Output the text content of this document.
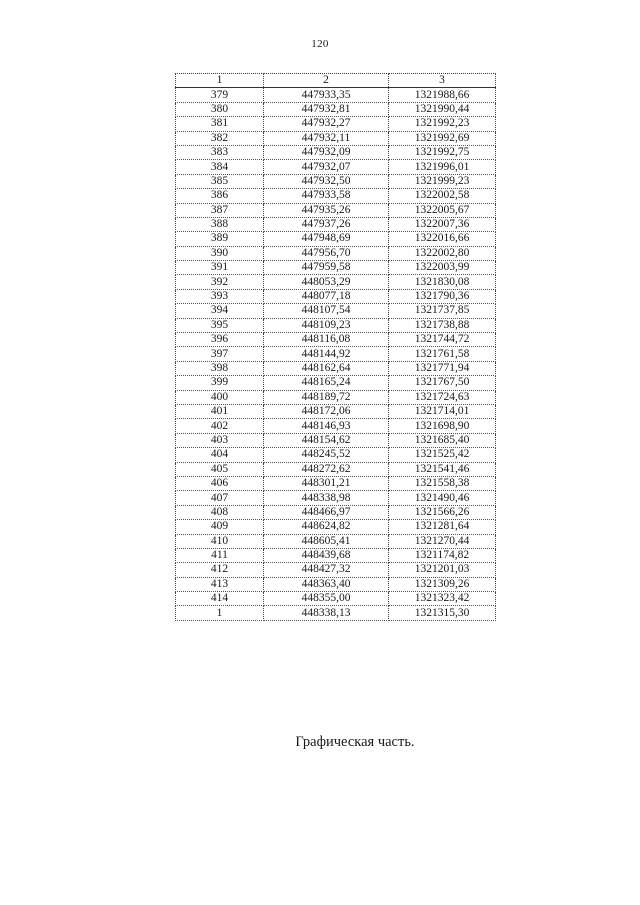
120
1	2	3
379	447933,35	1321988,66
380	447932,81	1321990,44
381	447932,27	1321992,23
382	447932,11	1321992,69
383	447932,09	1321992,75
384	447932,07	1321996,01
385	447932,50	1321999,23
386	447933,58	1322002,58
387	447935,26	1322005,67
388	447937,26	1322007,36
389	447948,69	1322016,66
390	447956,70	1322002,80
391	447959,58	1322003,99
392	448053,29	1321830,08
393	448077,18	1321790,36
394	448107,54	1321737,85
395	448109,23	1321738,88
396	448116,08	1321744,72
397	448144,92	1321761,58
398	448162,64	1321771,94
399	448165,24	1321767,50
400	448189,72	1321724,63
401	448172,06	1321714,01
402	448146,93	1321698,90
403	448154,62	1321685,40
404	448245,52	1321525,42
405	448272,62	1321541,46
406	448301,21	1321558,38
407	448338,98	1321490,46
408	448466,97	1321566,26
409	448624,82	1321281,64
410	448605,41	1321270,44
411	448439,68	1321174,82
412	448427,32	1321201,03
413	448363,40	1321309,26
414	448355,00	1321323,42
1	448338,13	1321315,30
Графическая часть.
